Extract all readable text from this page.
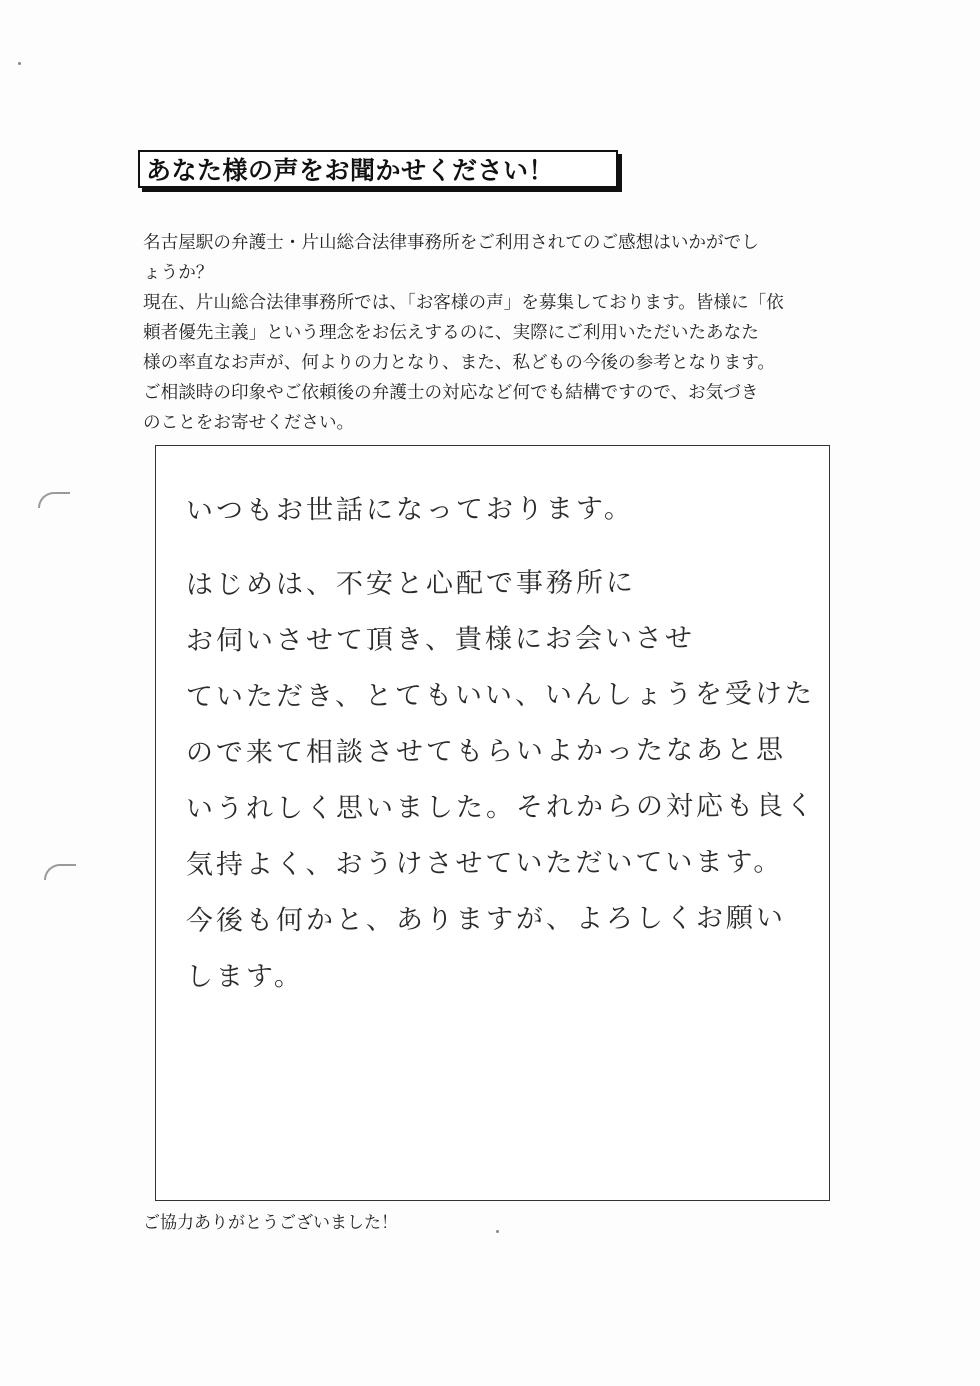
あなた様の声をお聞かせください！

名古屋駅の弁護士・片山総合法律事務所をご利用されてのご感想はいかがでし

ょうか？

現在、片山総合法律事務所では、「お客様の声」を募集しております。皆様に「依

頼者優先主義」という理念をお伝えするのに、実際にご利用いただいたあなた

様の率直なお声が、何よりの力となり、また、私どもの今後の参考となります。

ご相談時の印象やご依頼後の弁護士の対応など何でも結構ですので、お気づき

のことをお寄せください。

いつもお世話になっております。
はじめは、不安と心配で事務所に
お伺いさせて頂き、貴様にお会いさせ
ていただき、とてもいい、いんしょうを受けた
ので来て相談させてもらいよかったなあと思
いうれしく思いました。それからの対応も良く
気持よく、おうけさせていただいています。
今後も何かと、ありますが、よろしくお願い
します。
ご協力ありがとうございました！
